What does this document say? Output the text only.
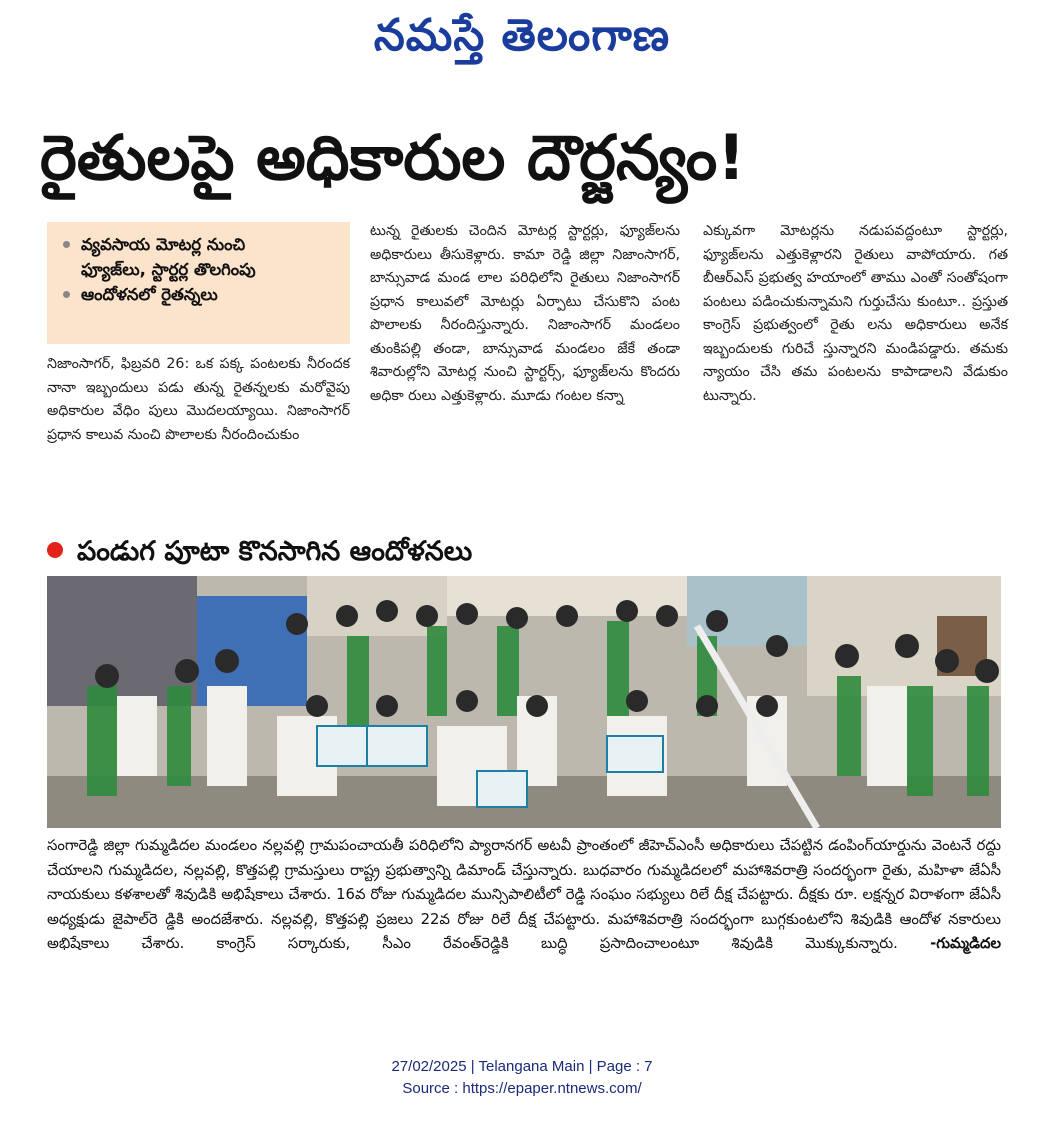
నమస్తే తెలంగాణ
రైతులపై అధికారుల దౌర్జన్యం!
వ్యవసాయ మోటర్ల నుంచి
ఫ్యూజ్‌లు, స్టార్టర్ల తొలగింపు
ఆందోళనలో రైతన్నలు

నిజాంసాగర్, ఫిబ్రవరి 26: ఒక పక్క పంటలకు నీరందక నానా ఇబ్బందులు పడు తున్న రైతన్నలకు మరోవైపు అధికారుల వేధిం పులు మొదలయ్యాయి. నిజాంసాగర్ ప్రధాన కాలువ నుంచి పొలాలకు నీరందించుకుం

టున్న రైతులకు చెందిన మోటర్ల స్టార్టర్లు, ఫ్యూజ్‌లను అధికారులు తీసుకెళ్లారు. కామా రెడ్డి జిల్లా నిజాంసాగర్, బాన్సువాడ మండ లాల పరిధిలోని రైతులు నిజాంసాగర్ ప్రధాన కాలువలో మోటర్లు ఏర్పాటు చేసుకొని పంట పొలాలకు నీరందిస్తున్నారు. నిజాంసాగర్ మండలం తుంకిపల్లి తండా, బాన్సువాడ మండలం జేకే తండా శివారుల్లోని మోటర్ల నుంచి స్టార్టర్స్, ఫ్యూజ్‌లను కొందరు అధికా రులు ఎత్తుకెళ్లారు. మూడు గంటల కన్నా

ఎక్కువగా మోటర్లను నడుపవద్దంటూ స్టార్టర్లు, ఫ్యూజ్‌లను ఎత్తుకెళ్లారని రైతులు వాపోయారు. గత బీఆర్‌ఎస్ ప్రభుత్వ హయాంలో తాము ఎంతో సంతోషంగా పంటలు పడించుకున్నామని గుర్తుచేసు కుంటూ.. ప్రస్తుత కాంగ్రెస్ ప్రభుత్వంలో రైతు లను అధికారులు అనేక ఇబ్బందులకు గురిచే స్తున్నారని మండిపడ్డారు. తమకు న్యాయం చేసి తమ పంటలను కాపాడాలని వేడుకుం టున్నారు.

పండుగ పూటా కొనసాగిన ఆందోళనలు

సంగారెడ్డి జిల్లా గుమ్మడిదల మండలం నల్లవల్లి గ్రామపంచాయతీ పరిధిలోని ప్యారానగర్ అటవీ ప్రాంతంలో జీహెచ్‌ఎంసీ అధికారులు చేపట్టిన డంపింగ్‌యార్డును వెంటనే రద్దు చేయాలని గుమ్మడిదల, నల్లవల్లి, కొత్తపల్లి గ్రామస్తులు రాష్ట్ర ప్రభుత్వాన్ని డిమాండ్ చేస్తున్నారు. బుధవారం గుమ్మడిదలలో మహాశివరాత్రి సందర్భంగా రైతు, మహిళా జేఏసీ నాయకులు కళశాలతో శివుడికి అభిషేకాలు చేశారు. 16వ రోజు గుమ్మడిదల మున్సిపాలిటీలో రెడ్డి సంఘం సభ్యులు రిలే దీక్ష చేపట్టారు. దీక్షకు రూ. లక్షన్నర విరాళంగా జేఏసీ అధ్యక్షుడు జైపాల్‌రె డ్డికి అందజేశారు. నల్లవల్లి, కొత్తపల్లి ప్రజలు 22వ రోజు రిలే దీక్ష చేపట్టారు. మహాశివరాత్రి సందర్భంగా బుగ్గకుంటలోని శివుడికి ఆందోళ నకారులు అభిషేకాలు చేశారు. కాంగ్రెస్ సర్కారుకు, సీఎం రేవంత్‌రెడ్డికి బుద్ధి ప్రసాదించాలంటూ శివుడికి మొక్కుకున్నారు. -గుమ్మడిదల

27/02/2025 | Telangana Main | Page : 7
Source : https://epaper.ntnews.com/
